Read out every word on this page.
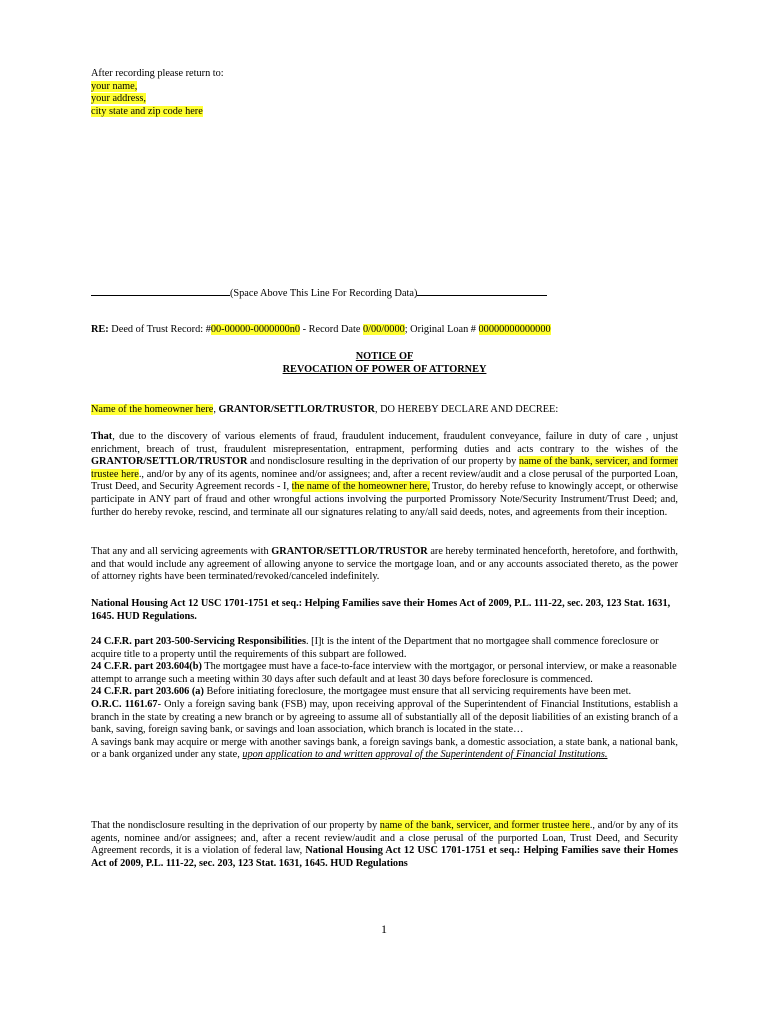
After recording please return to:
your name,
your address,
city state and zip code here
(Space Above This Line For Recording Data)
RE: Deed of Trust Record: #00-00000-0000000n0 - Record Date 0/00/0000; Original Loan # 00000000000000
NOTICE OF
REVOCATION OF POWER OF ATTORNEY
Name of the homeowner here, GRANTOR/SETTLOR/TRUSTOR, DO HEREBY DECLARE AND DECREE:
That, due to the discovery of various elements of fraud, fraudulent inducement, fraudulent conveyance, failure in duty of care , unjust enrichment, breach of trust, fraudulent misrepresentation, entrapment, performing duties and acts contrary to the wishes of the GRANTOR/SETTLOR/TRUSTOR and nondisclosure resulting in the deprivation of our property by name of the bank, servicer, and former trustee here., and/or by any of its agents, nominee and/or assignees; and, after a recent review/audit and a close perusal of the purported Loan, Trust Deed, and Security Agreement records - I, the name of the homeowner here, Trustor, do hereby refuse to knowingly accept, or otherwise participate in ANY part of fraud and other wrongful actions involving the purported Promissory Note/Security Instrument/Trust Deed; and, further do hereby revoke, rescind, and terminate all our signatures relating to any/all said deeds, notes, and agreements from their inception.
That any and all servicing agreements with GRANTOR/SETTLOR/TRUSTOR are hereby terminated henceforth, heretofore, and forthwith, and that would include any agreement of allowing anyone to service the mortgage loan, and or any accounts associated thereto, as the power of attorney rights have been terminated/revoked/canceled indefinitely.
National Housing Act 12 USC 1701-1751 et seq.: Helping Families save their Homes Act of 2009, P.L. 111-22, sec. 203, 123 Stat. 1631, 1645. HUD Regulations.
24 C.F.R. part 203-500-Servicing Responsibilities. [I]t is the intent of the Department that no mortgagee shall commence foreclosure or acquire title to a property until the requirements of this subpart are followed.
24 C.F.R. part 203.604(b) The mortgagee must have a face-to-face interview with the mortgagor, or personal interview, or make a reasonable attempt to arrange such a meeting within 30 days after such default and at least 30 days before foreclosure is commenced.
24 C.F.R. part 203.606 (a) Before initiating foreclosure, the mortgagee must ensure that all servicing requirements have been met.
O.R.C. 1161.67- Only a foreign saving bank (FSB) may, upon receiving approval of the Superintendent of Financial Institutions, establish a branch in the state by creating a new branch or by agreeing to assume all of substantially all of the deposit liabilities of an existing branch of a bank, saving, foreign saving bank, or savings and loan association, which branch is located in the state…
A savings bank may acquire or merge with another savings bank, a foreign savings bank, a domestic association, a state bank, a national bank, or a bank organized under any state, upon application to and written approval of the Superintendent of Financial Institutions.
That the nondisclosure resulting in the deprivation of our property by name of the bank, servicer, and former trustee here., and/or by any of its agents, nominee and/or assignees; and, after a recent review/audit and a close perusal of the purported Loan, Trust Deed, and Security Agreement records, it is a violation of federal law, National Housing Act 12 USC 1701-1751 et seq.: Helping Families save their Homes Act of 2009, P.L. 111-22, sec. 203, 123 Stat. 1631, 1645. HUD Regulations
1
